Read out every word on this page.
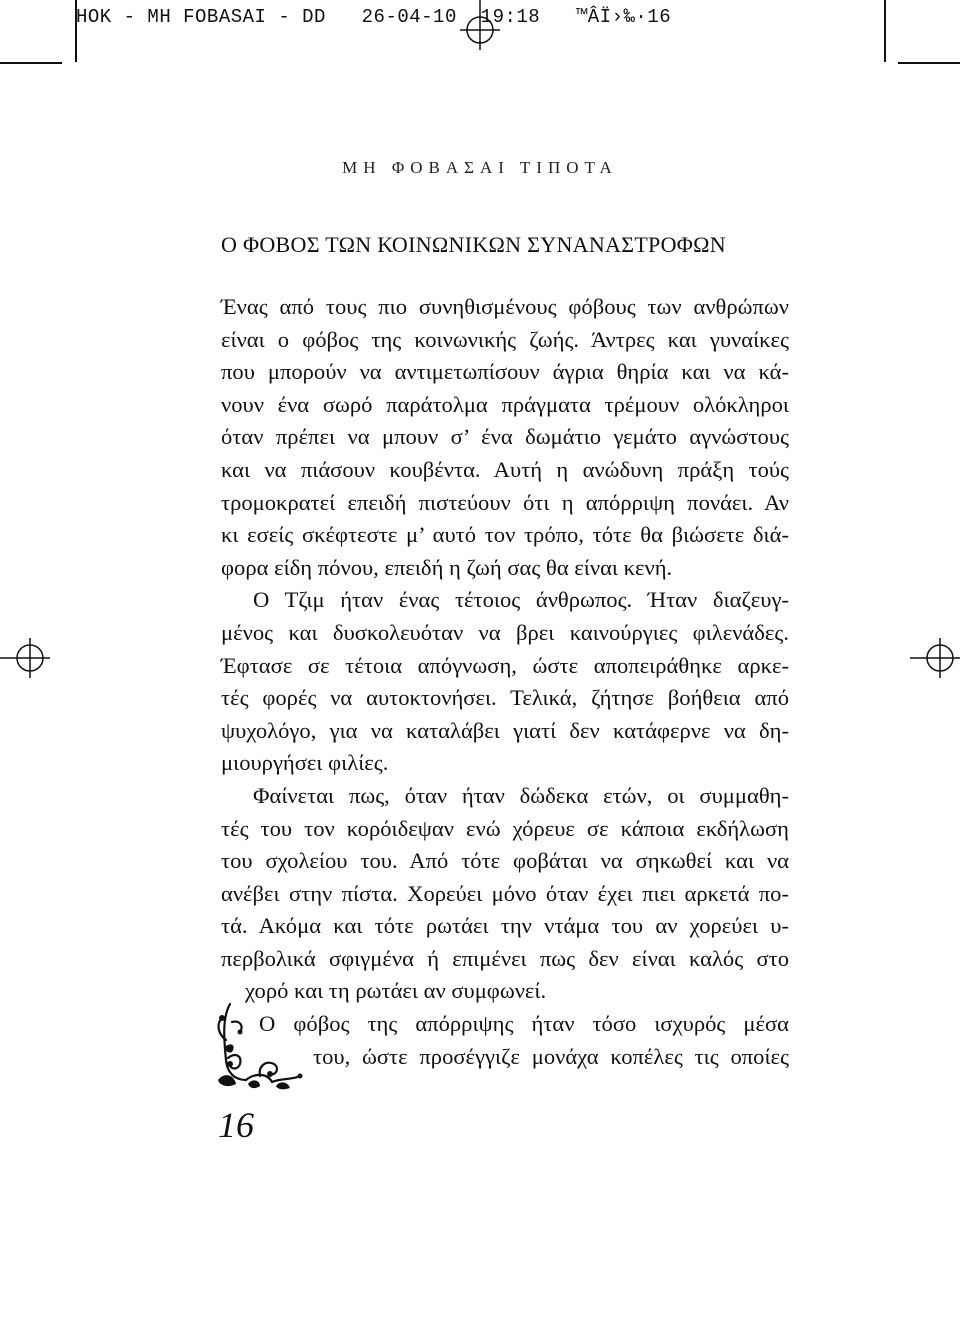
HOK - MH FOBASAI - DD   26-04-10  19:18   ™ÂÏ›‰·16
ΜΗ ΦΟΒΑΣΑΙ ΤΙΠΟΤΑ
Ο ΦΟΒΟΣ ΤΩΝ ΚΟΙΝΩΝΙΚΩΝ ΣΥΝΑΝΑΣΤΡΟΦΩΝ
Ένας από τους πιο συνηθισμένους φόβους των ανθρώπων
είναι ο φόβος της κοινωνικής ζωής. Άντρες και γυναίκες
που μπορούν να αντιμετωπίσουν άγρια θηρία και να κά-
νουν ένα σωρό παράτολμα πράγματα τρέμουν ολόκληροι
όταν πρέπει να μπουν σ’ ένα δωμάτιο γεμάτο αγνώστους
και να πιάσουν κουβέντα. Αυτή η ανώδυνη πράξη τούς
τρομοκρατεί επειδή πιστεύουν ότι η απόρριψη πονάει. Αν
κι εσείς σκέφτεστε μ’ αυτό τον τρόπο, τότε θα βιώσετε διά-
φορα είδη πόνου, επειδή η ζωή σας θα είναι κενή.
Ο Τζιμ ήταν ένας τέτοιος άνθρωπος. Ήταν διαζευγ-
μένος και δυσκολευόταν να βρει καινούργιες φιλενάδες.
Έφτασε σε τέτοια απόγνωση, ώστε αποπειράθηκε αρκε-
τές φορές να αυτοκτονήσει. Τελικά, ζήτησε βοήθεια από
ψυχολόγο, για να καταλάβει γιατί δεν κατάφερνε να δη-
μιουργήσει φιλίες.
Φαίνεται πως, όταν ήταν δώδεκα ετών, οι συμμαθη-
τές του τον κορόιδεψαν ενώ χόρευε σε κάποια εκδήλωση
του σχολείου του. Από τότε φοβάται να σηκωθεί και να
ανέβει στην πίστα. Χορεύει μόνο όταν έχει πιει αρκετά πο-
τά. Ακόμα και τότε ρωτάει την ντάμα του αν χορεύει υ-
περβολικά σφιγμένα ή επιμένει πως δεν είναι καλός στο
χορό και τη ρωτάει αν συμφωνεί.
Ο φόβος της απόρριψης ήταν τόσο ισχυρός μέσα
του, ώστε προσέγγιζε μονάχα κοπέλες τις οποίες
16
